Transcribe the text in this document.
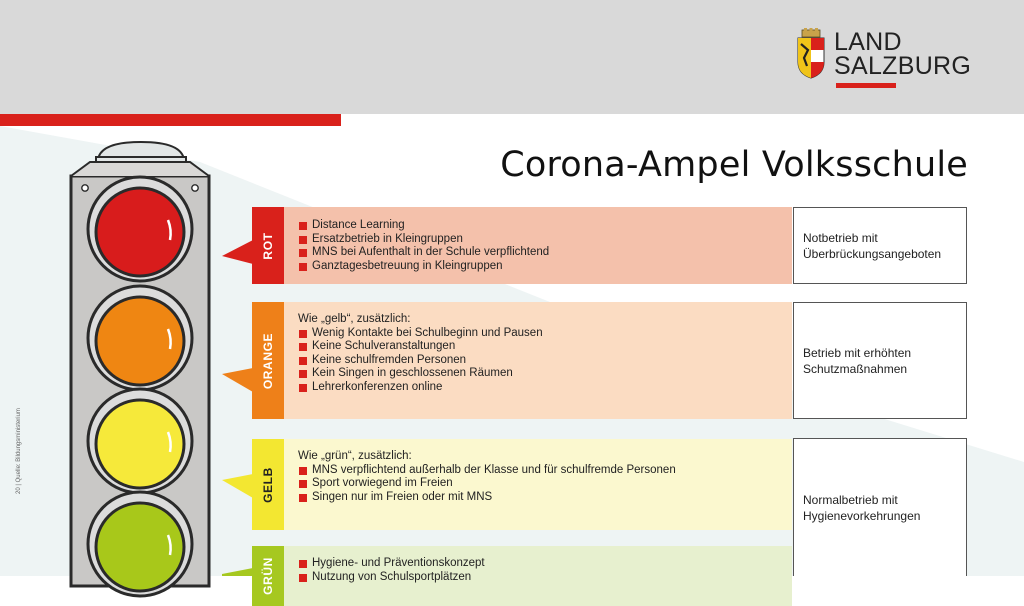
LAND
SALZBURG
Corona-Ampel Volksschule
20 | Quelle: Bildungsministerium
ROT
Distance Learning
Ersatzbetrieb in Kleingruppen
MNS bei Aufenthalt in der Schule verpflichtend
Ganztagesbetreuung in Kleingruppen
Notbetrieb mit Überbrückungsangeboten
ORANGE

Wie „gelb“, zusätzlich:

Wenig Kontakte bei Schulbeginn und Pausen
Keine Schulveranstaltungen
Keine schulfremden Personen
Kein Singen in geschlossenen Räumen
Lehrerkonferenzen online
Betrieb mit erhöhten Schutzmaßnahmen
GELB

Wie „grün“, zusätzlich:

MNS verpflichtend außerhalb der Klasse und für schulfremde Personen
Sport vorwiegend im Freien
Singen nur im Freien oder mit MNS	Normalbetrieb mit Hygienevorkehrungen
GRÜN	Hygiene- und Präventionskonzept
Nutzung von Schulsportplätzen
